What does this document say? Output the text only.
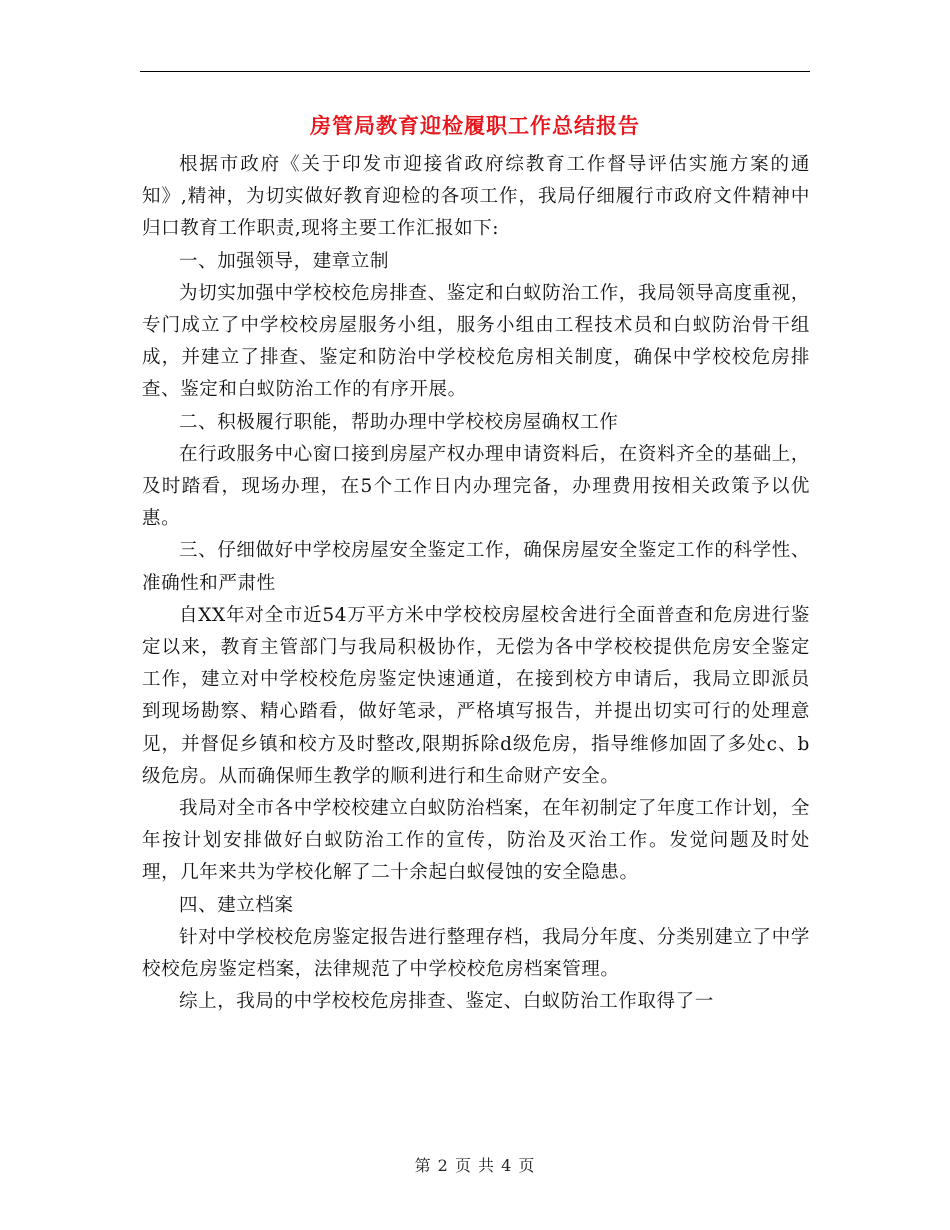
房管局教育迎检履职工作总结报告

根据市政府《关于印发市迎接省政府综教育工作督导评估实施方案的通知》,精神，为切实做好教育迎检的各项工作，我局仔细履行市政府文件精神中归口教育工作职责,现将主要工作汇报如下:

一、加强领导，建章立制

为切实加强中学校校危房排查、鉴定和白蚁防治工作，我局领导高度重视，专门成立了中学校校房屋服务小组，服务小组由工程技术员和白蚁防治骨干组成，并建立了排查、鉴定和防治中学校校危房相关制度，确保中学校校危房排查、鉴定和白蚁防治工作的有序开展。

二、积极履行职能，帮助办理中学校校房屋确权工作

在行政服务中心窗口接到房屋产权办理申请资料后，在资料齐全的基础上，及时踏看，现场办理，在5个工作日内办理完备，办理费用按相关政策予以优惠。

三、仔细做好中学校房屋安全鉴定工作，确保房屋安全鉴定工作的科学性、准确性和严肃性

自XX年对全市近54万平方米中学校校房屋校舍进行全面普查和危房进行鉴定以来，教育主管部门与我局积极协作，无偿为各中学校校提供危房安全鉴定工作，建立对中学校校危房鉴定快速通道，在接到校方申请后，我局立即派员到现场勘察、精心踏看，做好笔录，严格填写报告，并提出切实可行的处理意见，并督促乡镇和校方及时整改,限期拆除d级危房，指导维修加固了多处c、b级危房。从而确保师生教学的顺利进行和生命财产安全。

我局对全市各中学校校建立白蚁防治档案，在年初制定了年度工作计划，全年按计划安排做好白蚁防治工作的宣传，防治及灭治工作。发觉问题及时处理，几年来共为学校化解了二十余起白蚁侵蚀的安全隐患。

四、建立档案

针对中学校校危房鉴定报告进行整理存档，我局分年度、分类别建立了中学校校危房鉴定档案，法律规范了中学校校危房档案管理。

综上，我局的中学校校危房排查、鉴定、白蚁防治工作取得了一

第 2 页 共 4 页
